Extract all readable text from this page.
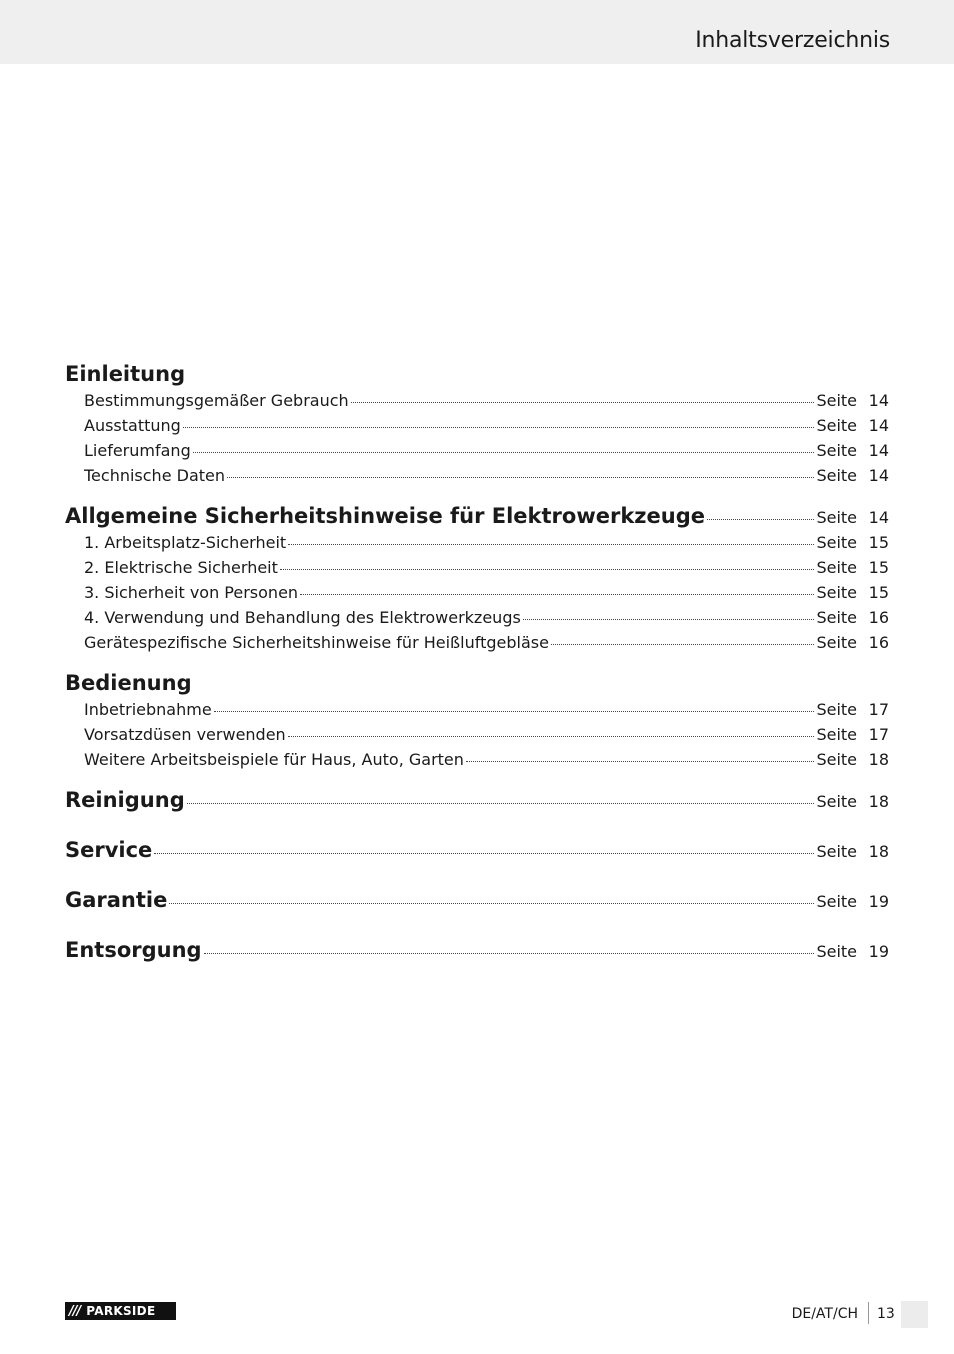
Inhaltsverzeichnis
Einleitung
Bestimmungsgemäßer Gebrauch	Seite 14
Ausstattung	Seite 14
Lieferumfang	Seite 14
Technische Daten	Seite 14
Allgemeine Sicherheitshinweise für Elektrowerkzeuge	Seite 14
1. Arbeitsplatz-Sicherheit	Seite 15
2. Elektrische Sicherheit	Seite 15
3. Sicherheit von Personen	Seite 15
4. Verwendung und Behandlung des Elektrowerkzeugs	Seite 16
Gerätespezifische Sicherheitshinweise für Heißluftgebläse	Seite 16
Bedienung
Inbetriebnahme	Seite 17
Vorsatzdüsen verwenden	Seite 17
Weitere Arbeitsbeispiele für Haus, Auto, Garten	Seite 18
Reinigung	Seite 18
Service	Seite 18
Garantie	Seite 19
Entsorgung	Seite 19
/// PARKSIDE	DE/AT/CH 13
